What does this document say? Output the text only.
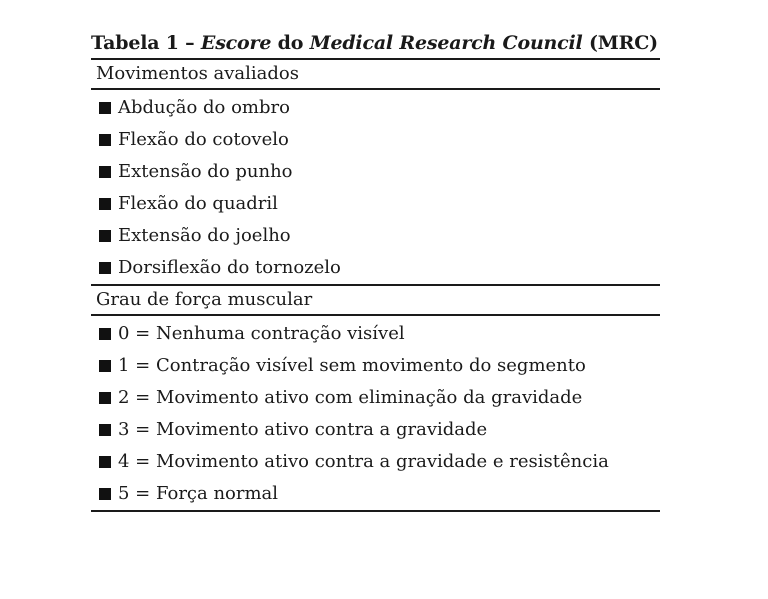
Tabela 1 – Escore do Medical Research Council (MRC)
Movimentos avaliados
Abdução do ombro
Flexão do cotovelo
Extensão do punho
Flexão do quadril
Extensão do joelho
Dorsiflexão do tornozelo
Grau de força muscular
0 = Nenhuma contração visível
1 = Contração visível sem movimento do segmento
2 = Movimento ativo com eliminação da gravidade
3 = Movimento ativo contra a gravidade
4 = Movimento ativo contra a gravidade e resistência
5 = Força normal
